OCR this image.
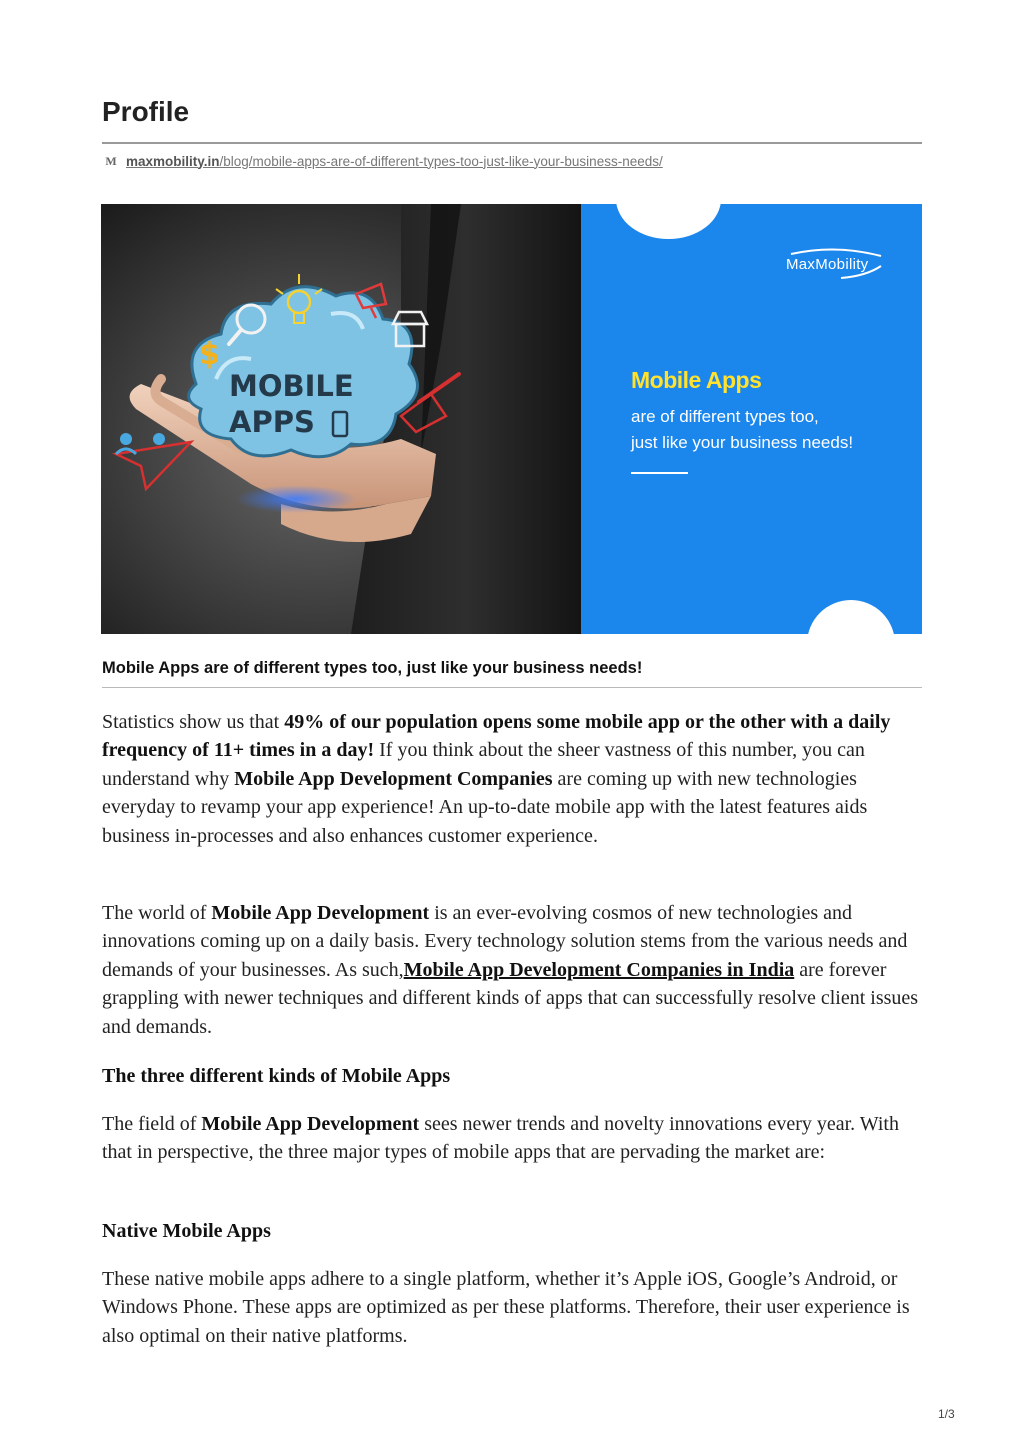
Profile
M maxmobility.in/blog/mobile-apps-are-of-different-types-too-just-like-your-business-needs/
MOBILE
APPS
$
MaxMobility
Mobile Apps
are of different types too,
just like your business needs!
Mobile Apps are of different types too, just like your business needs!

Statistics show us that 49% of our population opens some mobile app or the other with a daily frequency of 11+ times in a day! If you think about the sheer vastness of this number, you can understand why Mobile App Development Companies are coming up with new technologies everyday to revamp your app experience! An up-to-date mobile app with the latest features aids business in-processes and also enhances customer experience.

The world of Mobile App Development is an ever-evolving cosmos of new technologies and innovations coming up on a daily basis. Every technology solution stems from the various needs and demands of your businesses. As such,Mobile App Development Companies in India are forever grappling with newer techniques and different kinds of apps that can successfully resolve client issues and demands.

The three different kinds of Mobile Apps

The field of Mobile App Development sees newer trends and novelty innovations every year. With that in perspective, the three major types of mobile apps that are pervading the market are:

Native Mobile Apps

These native mobile apps adhere to a single platform, whether it’s Apple iOS, Google’s Android, or Windows Phone. These apps are optimized as per these platforms. Therefore, their user experience is also optimal on their native platforms.

1/3
